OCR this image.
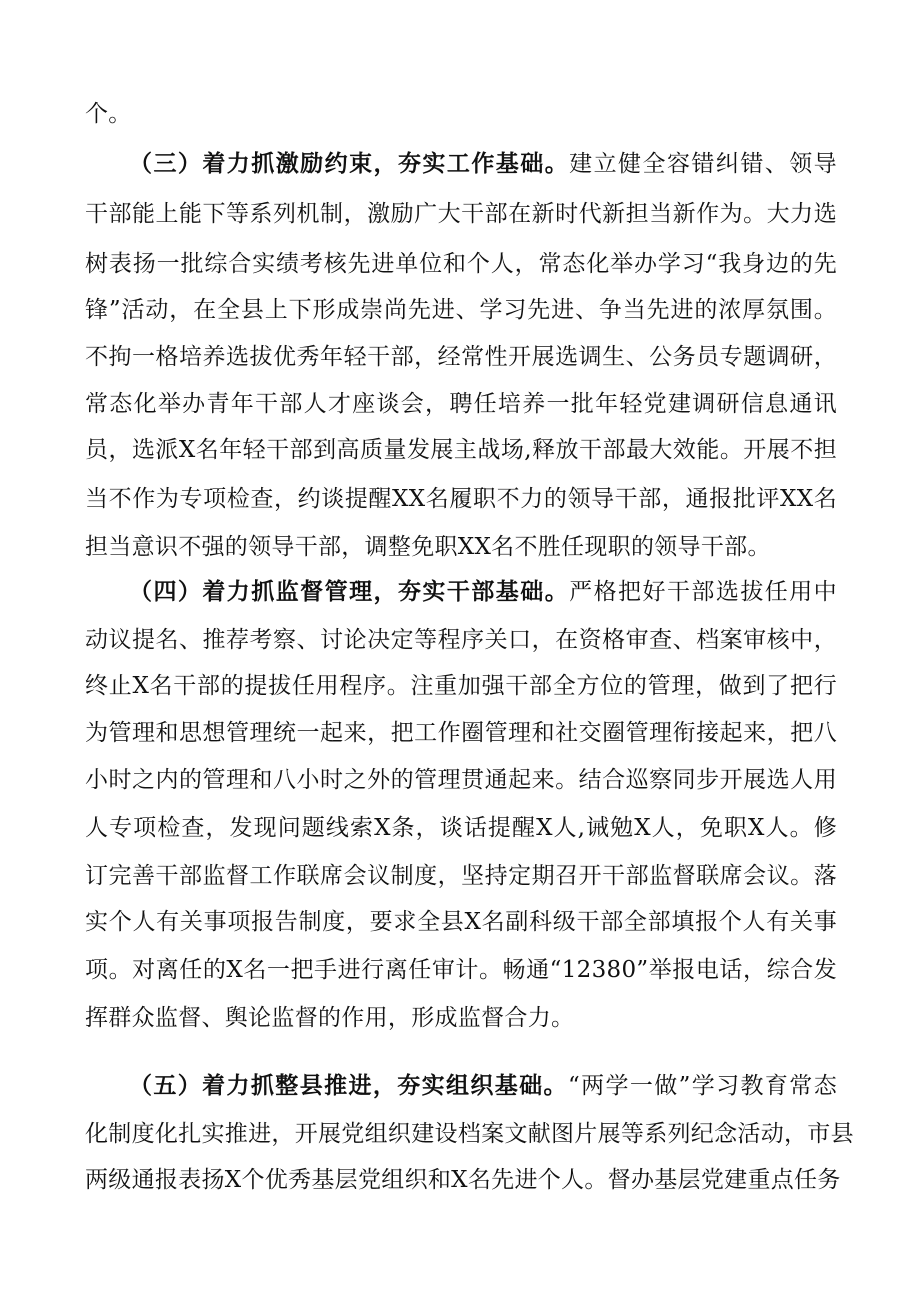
个。
（三）着力抓激励约束，夯实工作基础。建立健全容错纠错、领导
干部能上能下等系列机制，激励广大干部在新时代新担当新作为。大力选
树表扬一批综合实绩考核先进单位和个人，常态化举办学习“我身边的先
锋”活动，在全县上下形成崇尚先进、学习先进、争当先进的浓厚氛围。
不拘一格培养选拔优秀年轻干部，经常性开展选调生、公务员专题调研，
常态化举办青年干部人才座谈会，聘任培养一批年轻党建调研信息通讯
员，选派X名年轻干部到高质量发展主战场,释放干部最大效能。开展不担
当不作为专项检查，约谈提醒XX名履职不力的领导干部，通报批评XX名
担当意识不强的领导干部，调整免职XX名不胜任现职的领导干部。
（四）着力抓监督管理，夯实干部基础。严格把好干部选拔任用中
动议提名、推荐考察、讨论决定等程序关口，在资格审查、档案审核中，
终止X名干部的提拔任用程序。注重加强干部全方位的管理，做到了把行
为管理和思想管理统一起来，把工作圈管理和社交圈管理衔接起来，把八
小时之内的管理和八小时之外的管理贯通起来。结合巡察同步开展选人用
人专项检查，发现问题线索X条，谈话提醒X人,诫勉X人，免职X人。修
订完善干部监督工作联席会议制度，坚持定期召开干部监督联席会议。落
实个人有关事项报告制度，要求全县X名副科级干部全部填报个人有关事
项。对离任的X名一把手进行离任审计。畅通“12380”举报电话，综合发
挥群众监督、舆论监督的作用，形成监督合力。
（五）着力抓整县推进，夯实组织基础。“两学一做”学习教育常态
化制度化扎实推进，开展党组织建设档案文献图片展等系列纪念活动，市县
两级通报表扬X个优秀基层党组织和X名先进个人。督办基层党建重点任务
